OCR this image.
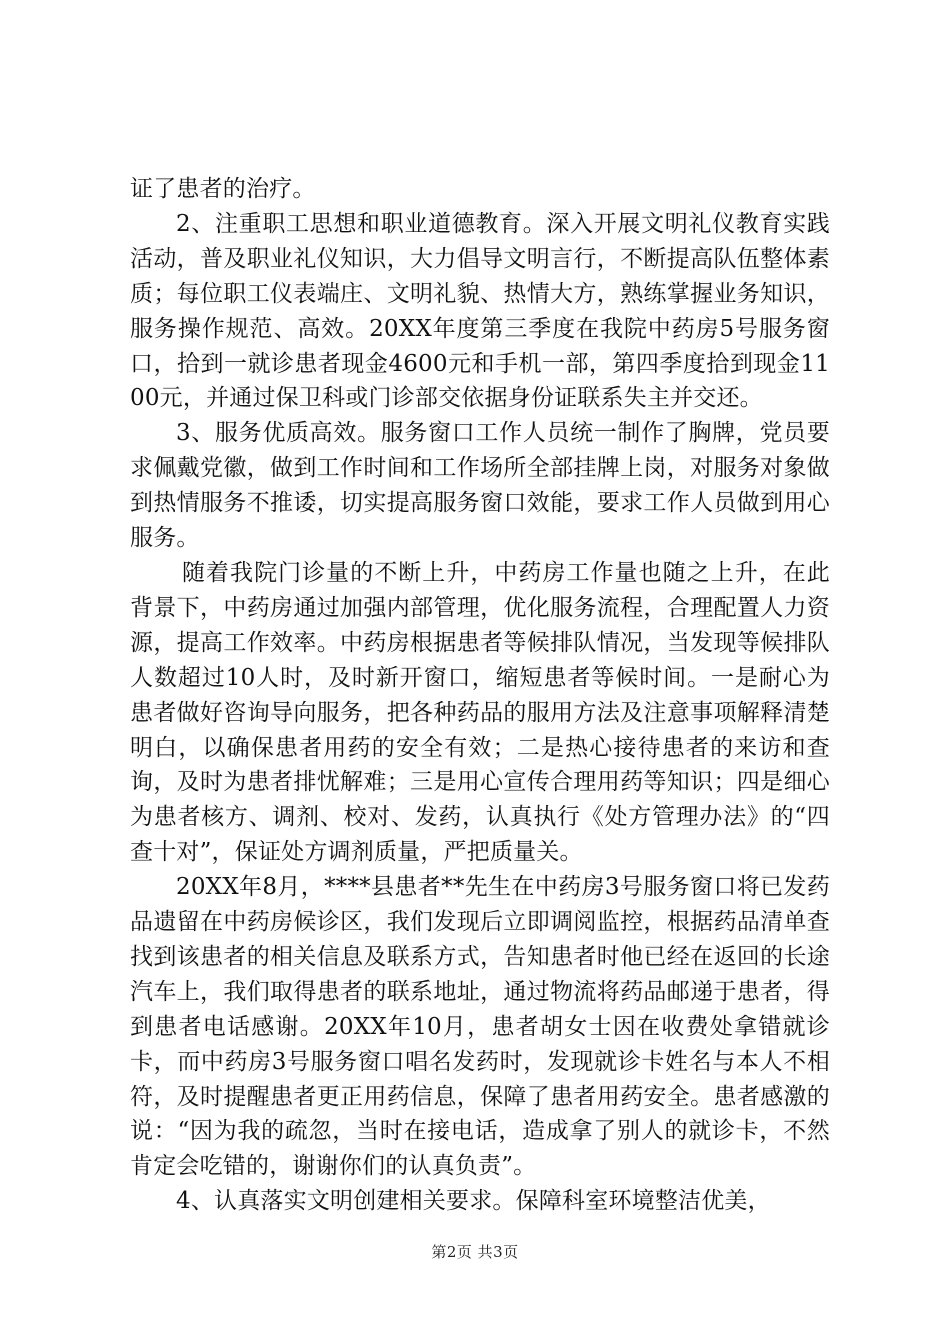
证了患者的治疗。

2、注重职工思想和职业道德教育。深入开展文明礼仪教育实践活动，普及职业礼仪知识，大力倡导文明言行，不断提高队伍整体素质；每位职工仪表端庄、文明礼貌、热情大方，熟练掌握业务知识，服务操作规范、高效。20XX年度第三季度在我院中药房5号服务窗口，拾到一就诊患者现金4600元和手机一部，第四季度拾到现金1100元，并通过保卫科或门诊部交依据身份证联系失主并交还。

3、服务优质高效。服务窗口工作人员统一制作了胸牌，党员要求佩戴党徽，做到工作时间和工作场所全部挂牌上岗，对服务对象做到热情服务不推诿，切实提高服务窗口效能，要求工作人员做到用心服务。

随着我院门诊量的不断上升，中药房工作量也随之上升，在此背景下，中药房通过加强内部管理，优化服务流程，合理配置人力资源，提高工作效率。中药房根据患者等候排队情况，当发现等候排队人数超过10人时，及时新开窗口，缩短患者等候时间。一是耐心为患者做好咨询导向服务，把各种药品的服用方法及注意事项解释清楚明白，以确保患者用药的安全有效；二是热心接待患者的来访和查询，及时为患者排忧解难；三是用心宣传合理用药等知识；四是细心为患者核方、调剂、校对、发药，认真执行《处方管理办法》的“四查十对”，保证处方调剂质量，严把质量关。

20XX年8月，****县患者**先生在中药房3号服务窗口将已发药品遗留在中药房候诊区，我们发现后立即调阅监控，根据药品清单查找到该患者的相关信息及联系方式，告知患者时他已经在返回的长途汽车上，我们取得患者的联系地址，通过物流将药品邮递于患者，得到患者电话感谢。20XX年10月，患者胡女士因在收费处拿错就诊卡，而中药房3号服务窗口唱名发药时，发现就诊卡姓名与本人不相符，及时提醒患者更正用药信息，保障了患者用药安全。患者感激的说：“因为我的疏忽，当时在接电话，造成拿了别人的就诊卡，不然肯定会吃错的，谢谢你们的认真负责”。

4、认真落实文明创建相关要求。保障科室环境整洁优美，

第2页 共3页
